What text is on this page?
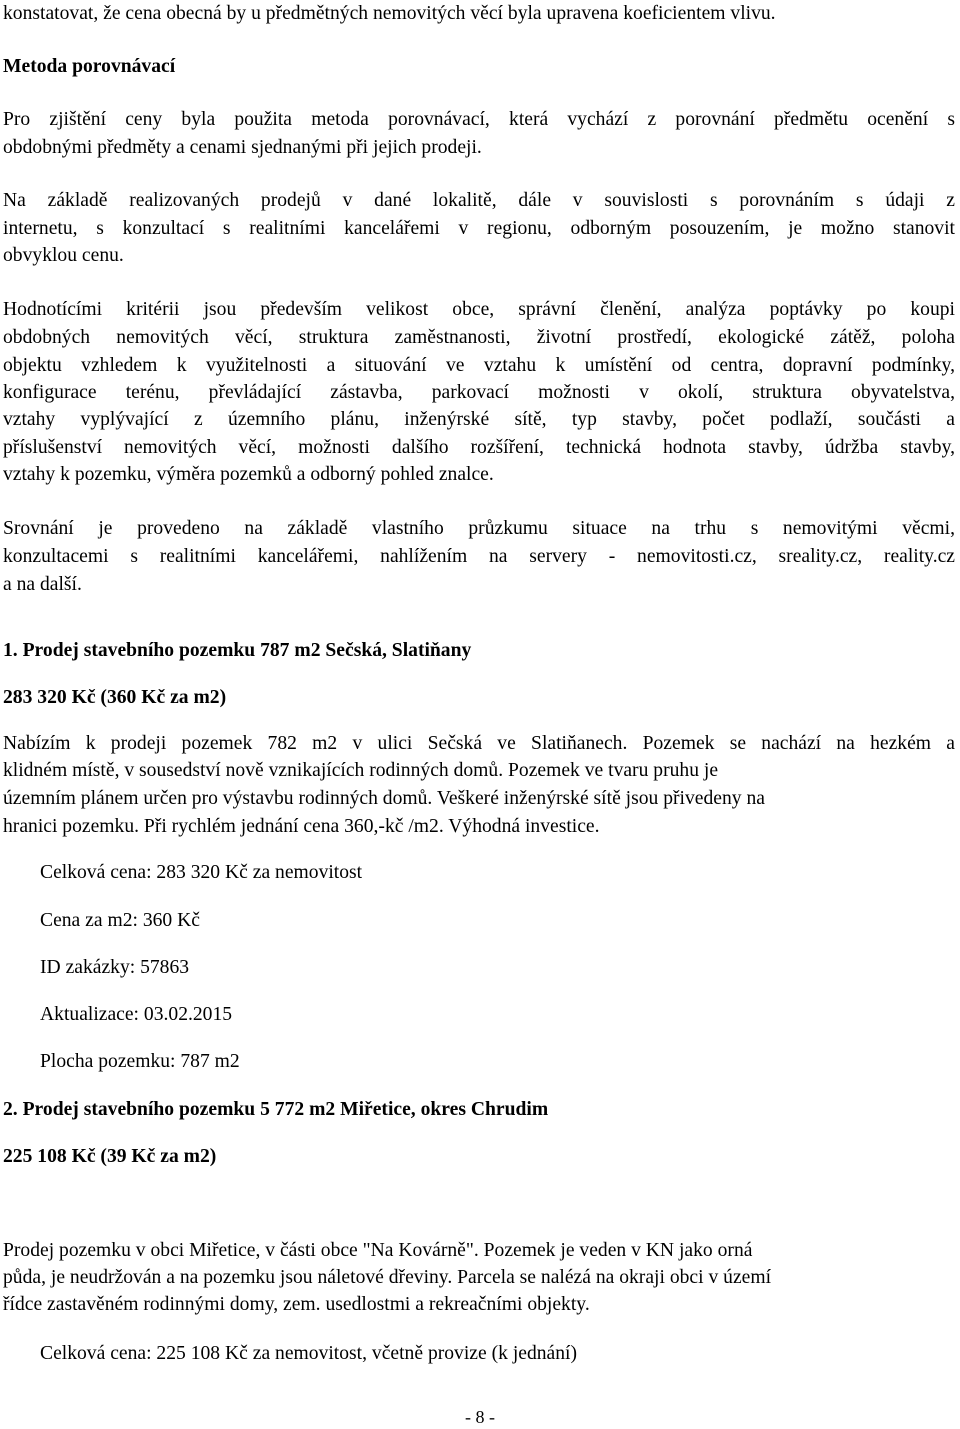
konstatovat, že cena obecná by u předmětných nemovitých věcí byla upravena koeficientem vlivu.
Metoda porovnávací
Pro zjištění ceny byla použita metoda porovnávací, která vychází z porovnání předmětu ocenění s
obdobnými předměty a cenami sjednanými při jejich prodeji.
Na základě realizovaných prodejů v dané lokalitě, dále v souvislosti s porovnáním s údaji z
internetu, s konzultací s realitními kancelářemi v regionu, odborným posouzením, je možno stanovit
obvyklou cenu.
Hodnotícími kritérii jsou především velikost obce, správní členění, analýza poptávky po koupi
obdobných nemovitých věcí, struktura zaměstnanosti, životní prostředí, ekologické zátěž, poloha
objektu vzhledem k využitelnosti a situování ve vztahu k umístění od centra, dopravní podmínky,
konfigurace terénu, převládající zástavba, parkovací možnosti v okolí, struktura obyvatelstva,
vztahy vyplývající z územního plánu, inženýrské sítě, typ stavby, počet podlaží, součásti a
příslušenství nemovitých věcí, možnosti dalšího rozšíření, technická hodnota stavby, údržba stavby,
vztahy k pozemku, výměra pozemků a odborný pohled znalce.
Srovnání je provedeno na základě vlastního průzkumu situace na trhu s nemovitými věcmi,
konzultacemi s realitními kancelářemi, nahlížením na servery - nemovitosti.cz, sreality.cz, reality.cz
a na další.
1. Prodej stavebního pozemku 787 m2 Sečská, Slatiňany
283 320 Kč (360 Kč za m2)
Nabízím k prodeji pozemek 782 m2 v ulici Sečská ve Slatiňanech. Pozemek se nachází na hezkém a
klidném místě, v sousedství nově vznikajících rodinných domů. Pozemek ve tvaru pruhu je
územním plánem určen pro výstavbu rodinných domů. Veškeré inženýrské sítě jsou přivedeny na
hranici pozemku. Při rychlém jednání cena 360,-kč /m2. Výhodná investice.
Celková cena: 283 320 Kč za nemovitost
Cena za m2: 360 Kč
ID zakázky: 57863
Aktualizace: 03.02.2015
Plocha pozemku: 787 m2
2. Prodej stavebního pozemku 5 772 m2 Miřetice, okres Chrudim
225 108 Kč (39 Kč za m2)
Prodej pozemku v obci Miřetice, v části obce "Na Kovárně". Pozemek je veden v KN jako orná
půda, je neudržován a na pozemku jsou náletové dřeviny. Parcela se nalézá na okraji obci v území
řídce zastavěném rodinnými domy, zem. usedlostmi a rekreačními objekty.
Celková cena: 225 108 Kč za nemovitost, včetně provize (k jednání)
- 8 -
